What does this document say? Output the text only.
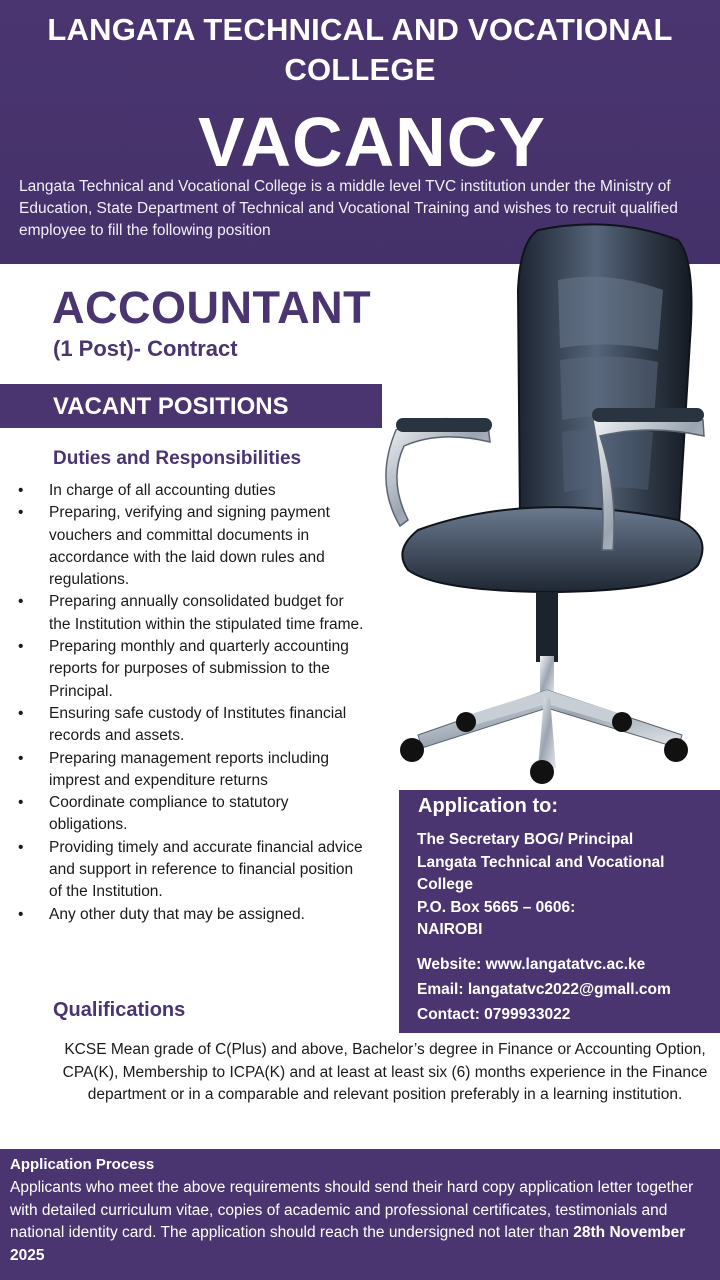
LANGATA TECHNICAL AND VOCATIONAL COLLEGE
VACANCY
Langata Technical and Vocational College is a middle level TVC institution under the Ministry of Education, State Department of Technical and Vocational Training and wishes to recruit qualified employee to fill the following position
ACCOUNTANT
(1 Post)- Contract
VACANT POSITIONS
Duties and Responsibilities
• In charge of all accounting duties
• Preparing, verifying and signing payment vouchers and committal documents in accordance with the laid down rules and regulations.
• Preparing annually consolidated budget for the Institution within the stipulated time frame.
• Preparing monthly and quarterly accounting reports for purposes of submission to the Principal.
• Ensuring safe custody of Institutes financial records and assets.
• Preparing management reports including imprest and expenditure returns
• Coordinate compliance to statutory obligations.
• Providing timely and accurate financial advice and support in reference to financial position of the Institution.
• Any other duty that may be assigned.
Application to:
The Secretary BOG/ Principal
Langata Technical and Vocational
College
P.O. Box 5665 – 0606:
NAIROBI
Website: www.langatatvc.ac.ke
Email: langatatvc2022@gmall.com
Contact: 0799933022
Qualifications
KCSE Mean grade of C(Plus) and above, Bachelor’s degree in Finance or Accounting Option, CPA(K), Membership to ICPA(K) and at least at least six (6) months experience in the Finance department or in a comparable and relevant position preferably in a learning institution.
Application Process
Applicants who meet the above requirements should send their hard copy application letter together with detailed curriculum vitae, copies of academic and professional certificates, testimonials and national identity card. The application should reach the undersigned not later than 28th November 2025
